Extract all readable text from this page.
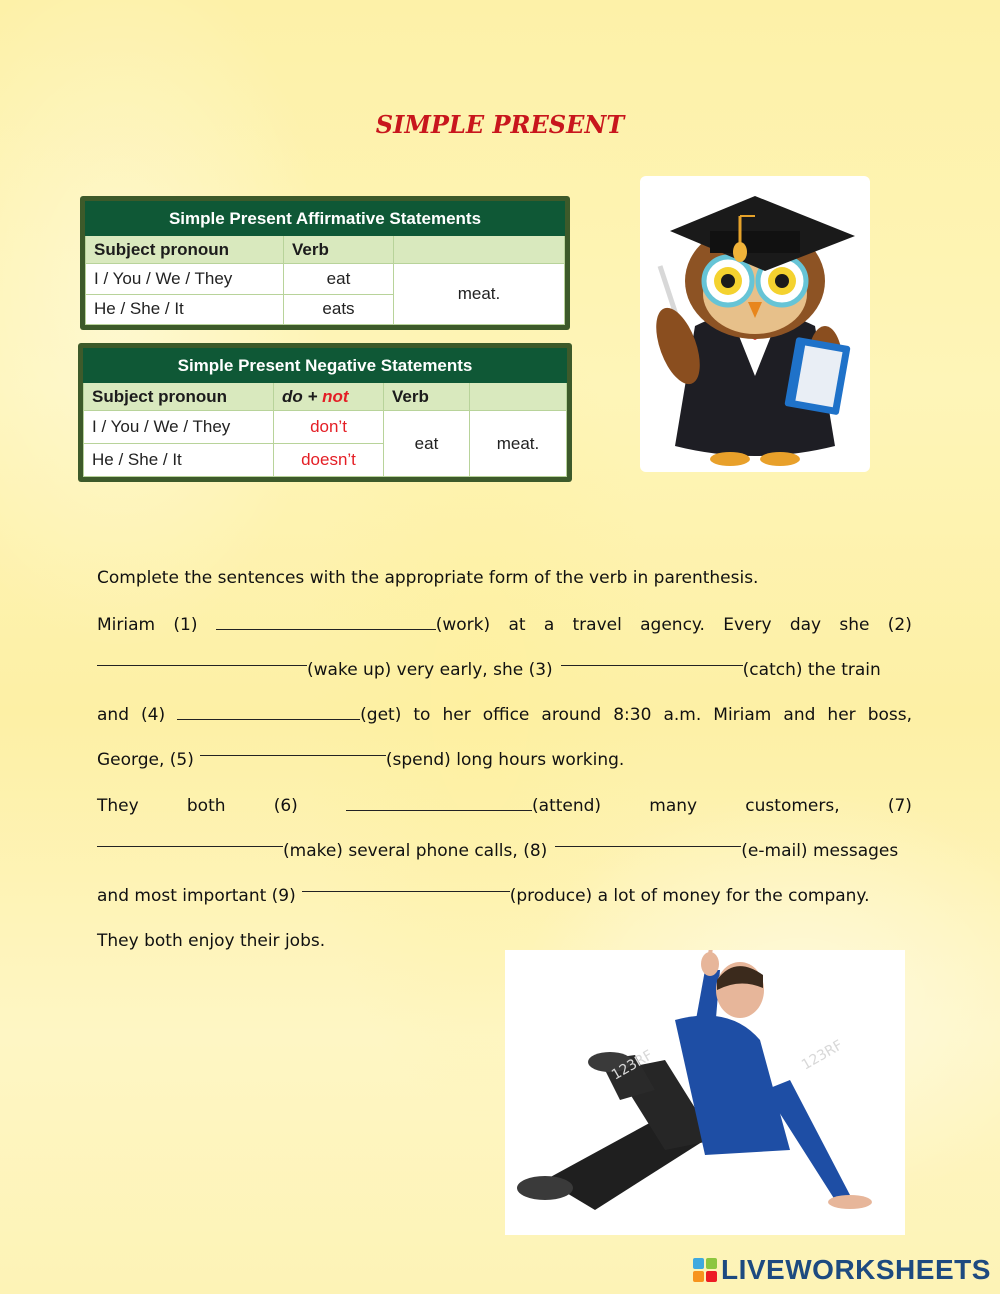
SIMPLE PRESENT
Simple Present Affirmative Statements		
Subject pronoun	Verb	
I / You / We / They	eat	meat.
He / She / It	eats	
Simple Present Negative Statements			
Subject pronoun	do + not	Verb	
I / You / We / They	don’t	eat	meat.
He / She / It	doesn’t		
Complete the sentences with the appropriate form of the verb in parenthesis.
Miriam (1)	(work) at a travel agency. Every day she (2)
(wake up) very early, she (3)	(catch) the train
and (4)	(get) to her office around 8:30 a.m. Miriam and her boss,
George, (5)	(spend) long hours working.
They	both	(6)	(attend)	many	customers,	(7)
(make) several phone calls, (8)	(e-mail) messages
and most important (9)	(produce) a lot of money for the company.
They both enjoy their jobs.
123RF	123RF
LIVEWORKSHEETS
